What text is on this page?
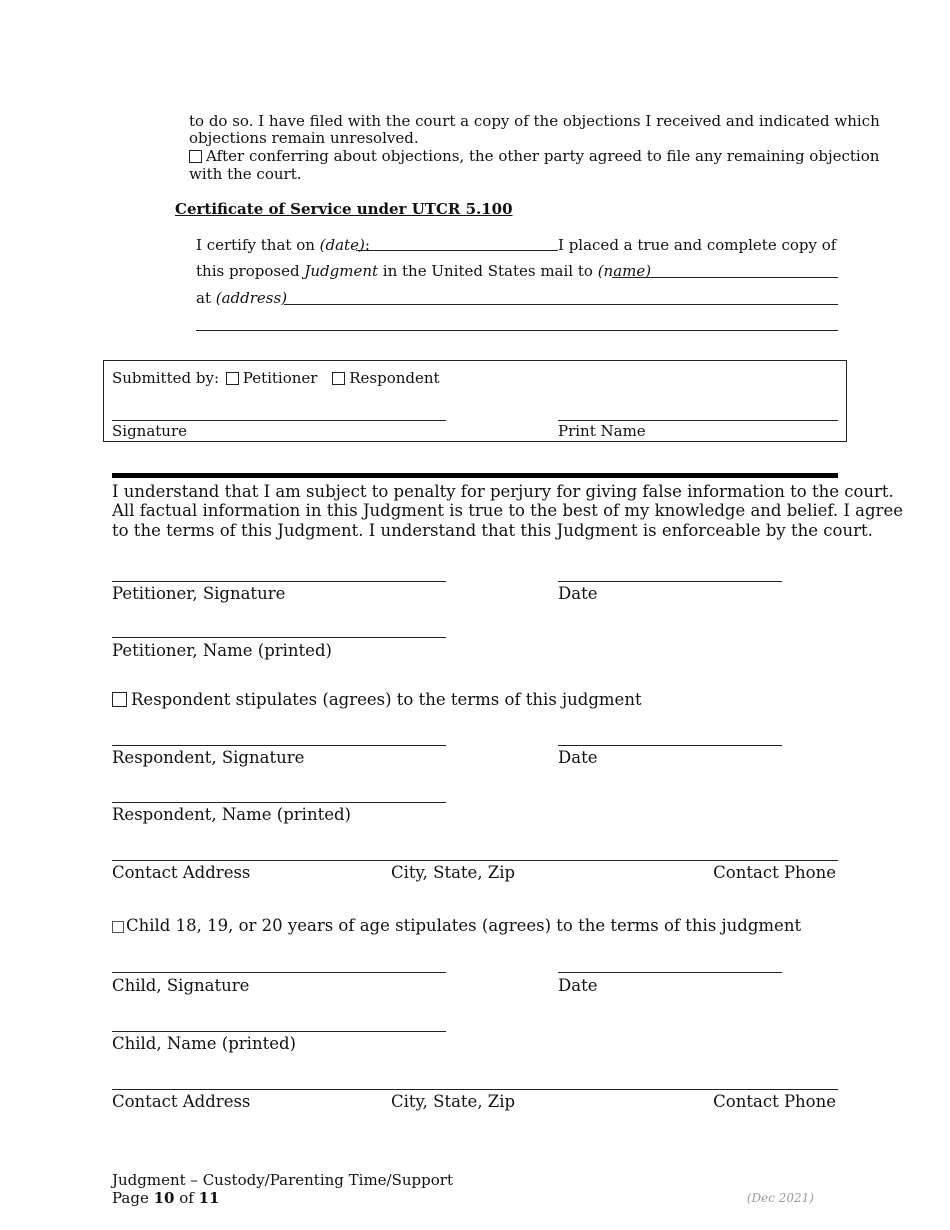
to do so. I have filed with the court a copy of the objections I received and indicated which
objections remain unresolved.
After conferring about objections, the other party agreed to file any remaining objection
with the court.
Certificate of Service under UTCR 5.100
I certify that on (date):	I placed a true and complete copy of
this proposed Judgment in the United States mail to (name)
at (address)
Submitted by: Petitioner Respondent
Signature	Print Name
I understand that I am subject to penalty for perjury for giving false information to the court.
All factual information in this Judgment is true to the best of my knowledge and belief. I agree
to the terms of this Judgment. I understand that this Judgment is enforceable by the court.
Petitioner, Signature	Date
Petitioner, Name (printed)
Respondent stipulates (agrees) to the terms of this judgment
Respondent, Signature	Date
Respondent, Name (printed)
Contact Address	City, State, Zip	Contact Phone
Child 18, 19, or 20 years of age stipulates (agrees) to the terms of this judgment
Child, Signature	Date
Child, Name (printed)
Contact Address	City, State, Zip	Contact Phone
Judgment – Custody/Parenting Time/Support
Page 10 of 11	(Dec 2021)
